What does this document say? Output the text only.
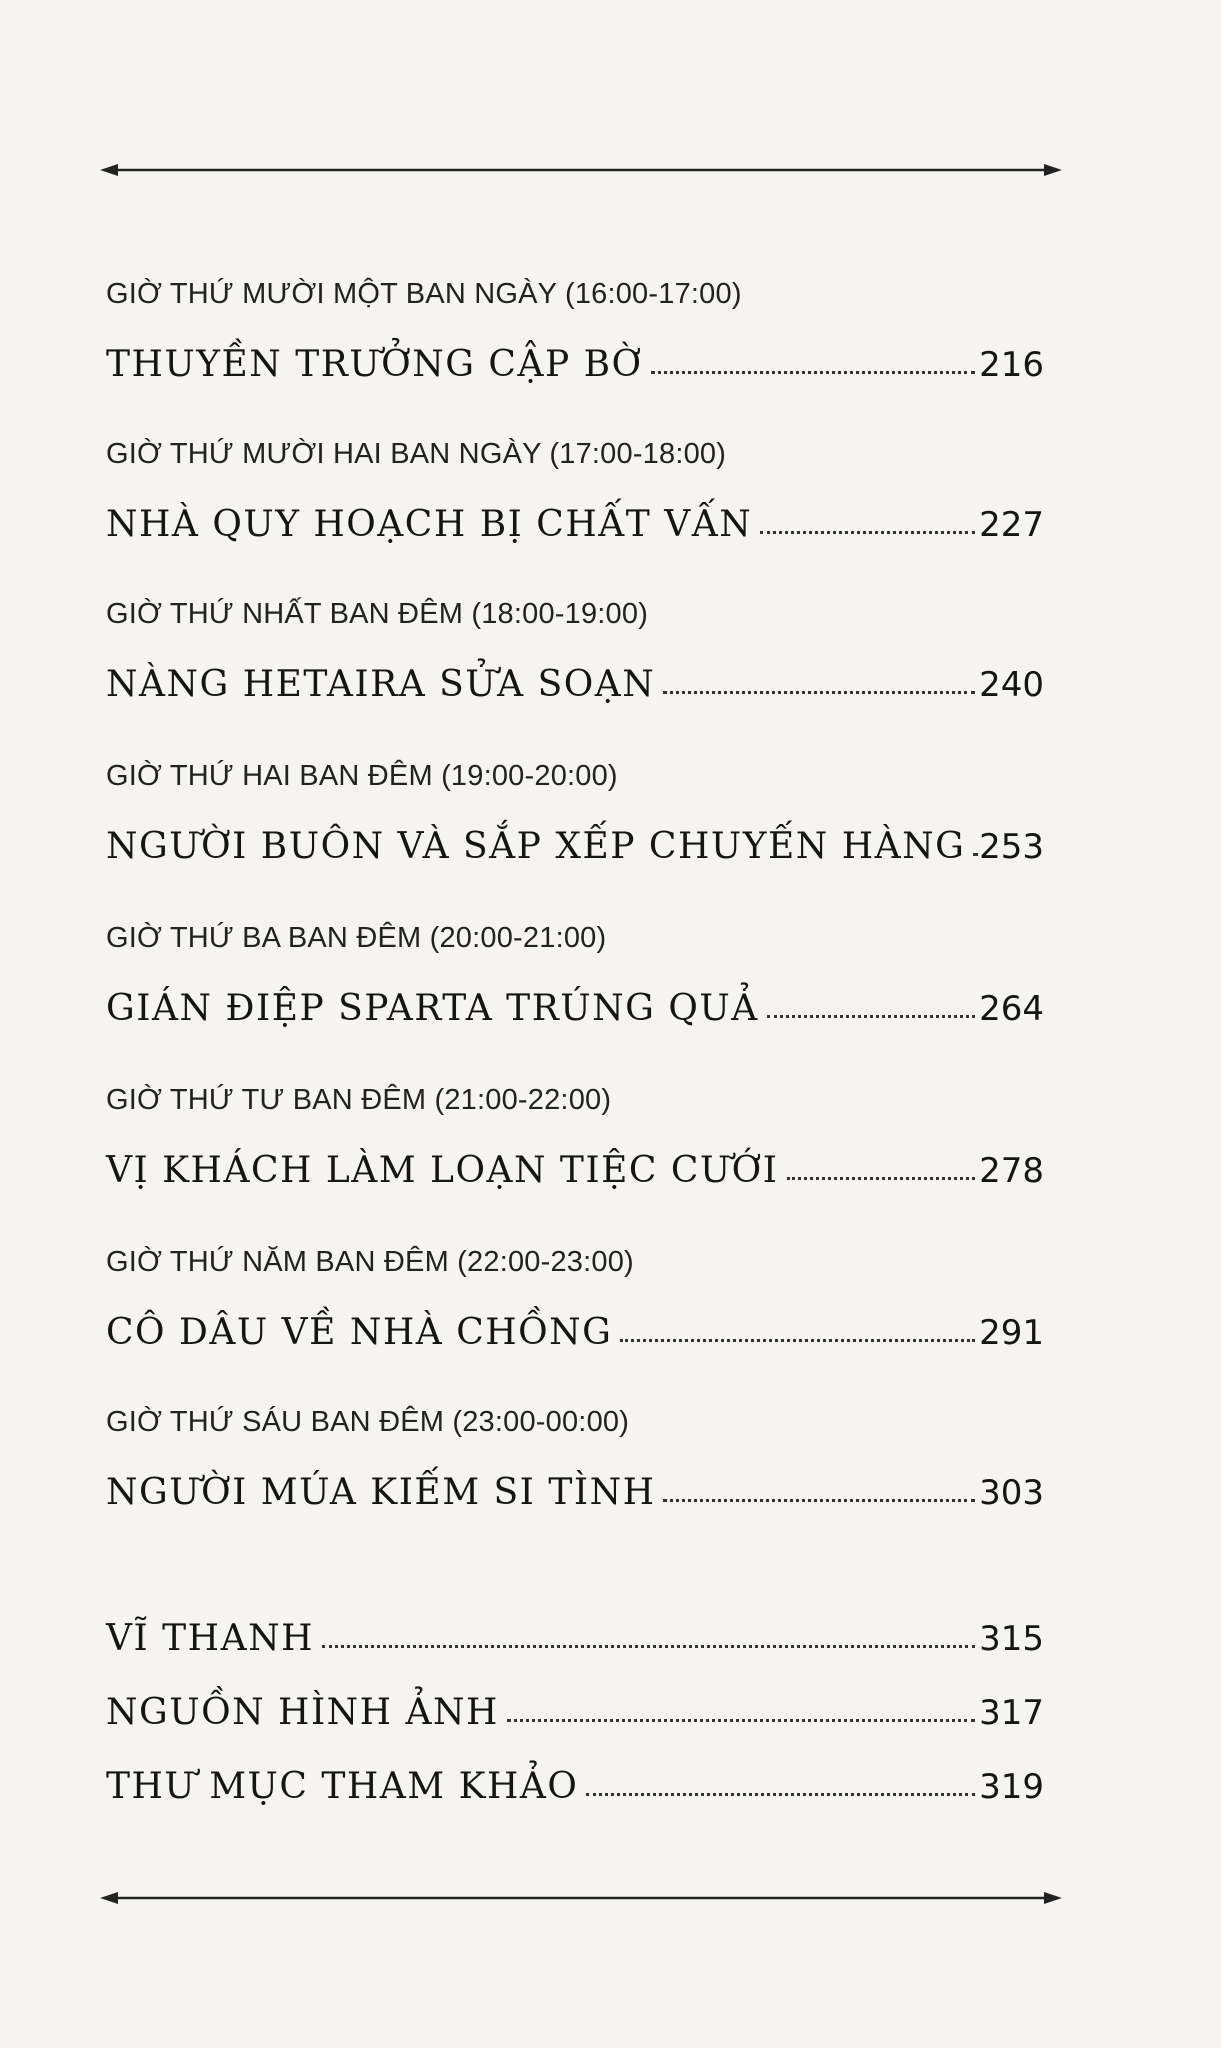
GIỜ THỨ MƯỜI MỘT BAN NGÀY (16:00-17:00)
THUYỀN TRƯỞNG CẬP BỜ	216
GIỜ THỨ MƯỜI HAI BAN NGÀY (17:00-18:00)
NHÀ QUY HOẠCH BỊ CHẤT VẤN	227
GIỜ THỨ NHẤT BAN ĐÊM (18:00-19:00)
NÀNG HETAIRA SỬA SOẠN	240
GIỜ THỨ HAI BAN ĐÊM (19:00-20:00)
NGƯỜI BUÔN VÀ SẮP XẾP CHUYẾN HÀNG 253
GIỜ THỨ BA BAN ĐÊM (20:00-21:00)
GIÁN ĐIỆP SPARTA TRÚNG QUẢ	264
GIỜ THỨ TƯ BAN ĐÊM (21:00-22:00)
VỊ KHÁCH LÀM LOẠN TIỆC CƯỚI	278
GIỜ THỨ NĂM BAN ĐÊM (22:00-23:00)
CÔ DÂU VỀ NHÀ CHỒNG	291
GIỜ THỨ SÁU BAN ĐÊM (23:00-00:00)
NGƯỜI MÚA KIẾM SI TÌNH	303
VĨ THANH	315
NGUỒN HÌNH ẢNH	317
THƯ MỤC THAM KHẢO	319
